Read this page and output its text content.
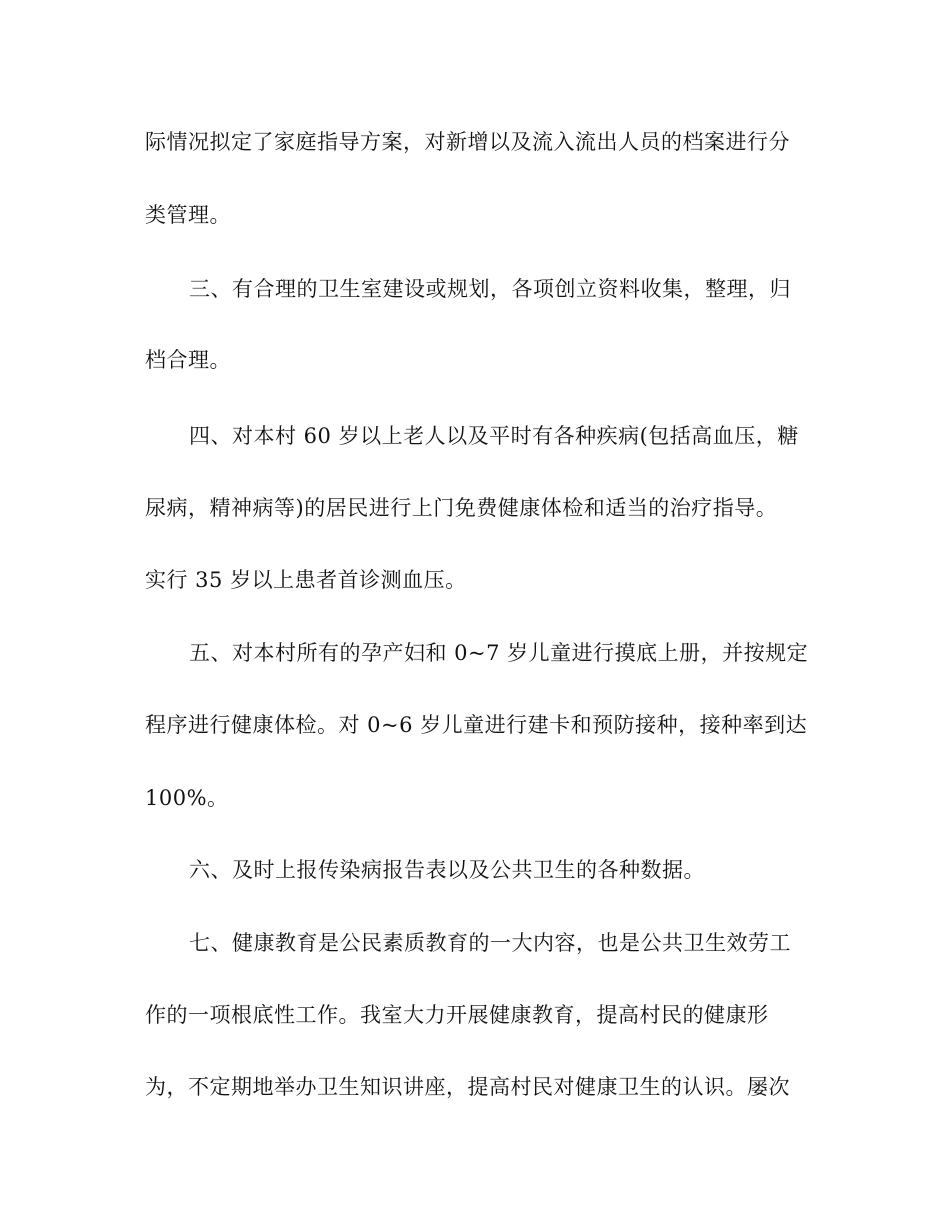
际情况拟定了家庭指导方案，对新增以及流入流出人员的档案进行分
类管理。
三、有合理的卫生室建设或规划，各项创立资料收集，整理，归
档合理。
四、对本村 60 岁以上老人以及平时有各种疾病(包括高血压，糖
尿病，精神病等)的居民进行上门免费健康体检和适当的治疗指导。
实行 35 岁以上患者首诊测血压。
五、对本村所有的孕产妇和 0~7 岁儿童进行摸底上册，并按规定
程序进行健康体检。对 0~6 岁儿童进行建卡和预防接种，接种率到达
100%。
六、及时上报传染病报告表以及公共卫生的各种数据。
七、健康教育是公民素质教育的一大内容，也是公共卫生效劳工
作的一项根底性工作。我室大力开展健康教育，提高村民的健康形
为，不定期地举办卫生知识讲座，提高村民对健康卫生的认识。屡次
